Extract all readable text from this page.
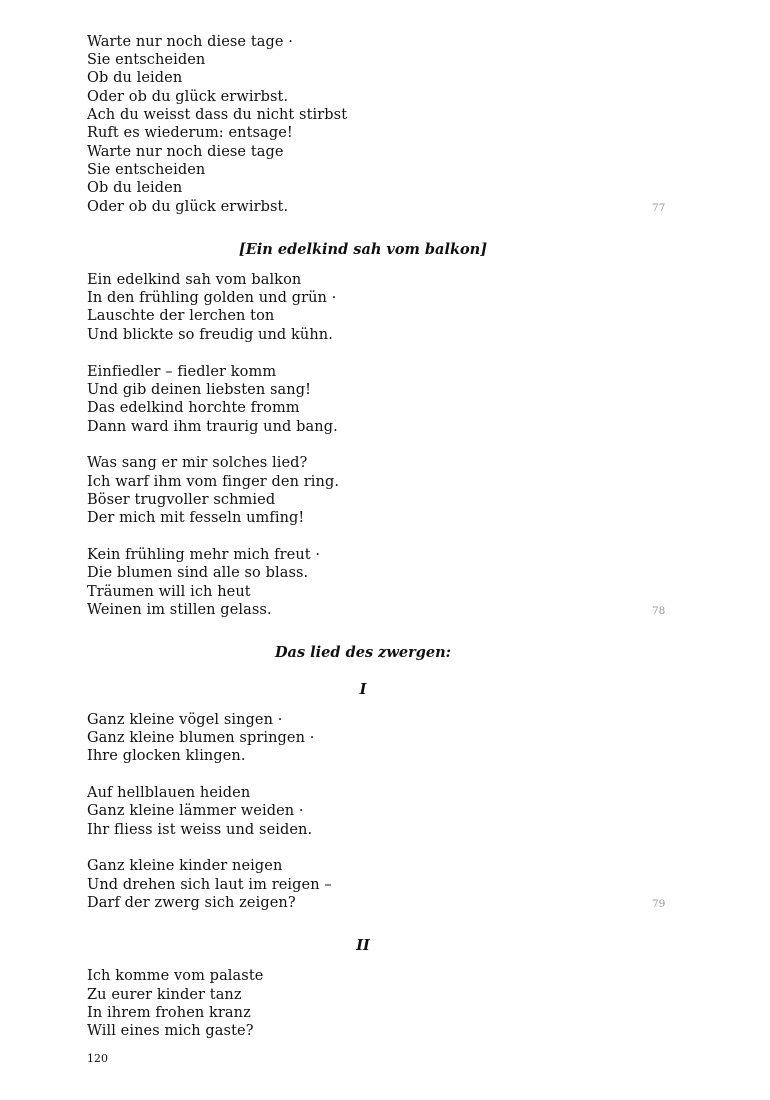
Warte nur noch diese tage ·
Sie entscheiden
Ob du leiden
Oder ob du glück erwirbst.
Ach du weisst dass du nicht stirbst
Ruft es wiederum: entsage!
Warte nur noch diese tage
Sie entscheiden
Ob du leiden
Oder ob du glück erwirbst.	77
[Ein edelkind sah vom balkon]
Ein edelkind sah vom balkon
In den frühling golden und grün ·
Lauschte der lerchen ton
Und blickte so freudig und kühn.
Einfiedler – fiedler komm
Und gib deinen liebsten sang!
Das edelkind horchte fromm
Dann ward ihm traurig und bang.
Was sang er mir solches lied?
Ich warf ihm vom finger den ring.
Böser trugvoller schmied
Der mich mit fesseln umfing!
Kein frühling mehr mich freut ·
Die blumen sind alle so blass.
Träumen will ich heut
Weinen im stillen gelass.	78
Das lied des zwergen:
I
Ganz kleine vögel singen ·
Ganz kleine blumen springen ·
Ihre glocken klingen.
Auf hellblauen heiden
Ganz kleine lämmer weiden ·
Ihr fliess ist weiss und seiden.
Ganz kleine kinder neigen
Und drehen sich laut im reigen –
Darf der zwerg sich zeigen?	79
II
Ich komme vom palaste
Zu eurer kinder tanz
In ihrem frohen kranz
Will eines mich gaste?
120
